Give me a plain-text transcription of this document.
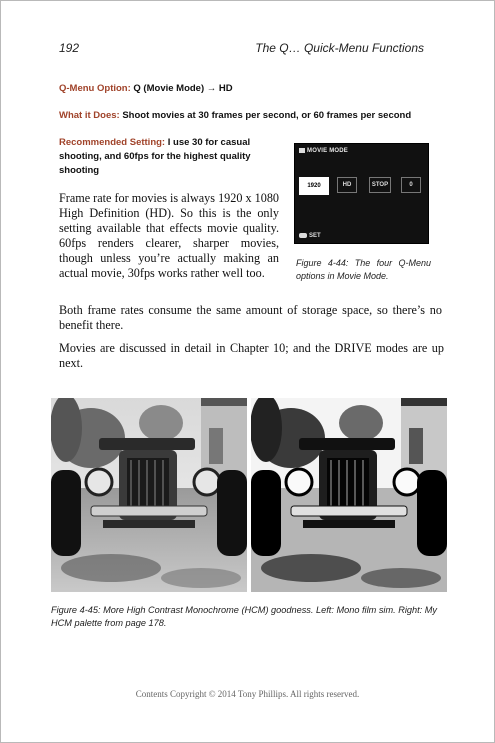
192	The Q… Quick-Menu Functions
Q-Menu Option: Q (Movie Mode) → HD
What it Does: Shoot movies at 30 frames per second, or 60 frames per second
Recommended Setting: I use 30 for casual shooting, and 60fps for the highest quality shooting
Frame rate for movies is always 1920 x 1080 High Definition (HD). So this is the only setting available that effects movie quality. 60fps renders clearer, sharper movies, though unless you’re actually making an actual movie, 30fps works rather well too.
MOVIE MODE
1920	HD	STOP	0
SET
Figure 4-44: The four Q-Menu options in Movie Mode.
Both frame rates consume the same amount of storage space, so there’s no benefit there.
Movies are discussed in detail in Chapter 10; and the DRIVE modes are up next.
Figure 4-45: More High Contrast Monochrome (HCM) goodness. Left: Mono film sim. Right: My HCM palette from page 178.
Contents Copyright © 2014 Tony Phillips. All rights reserved.
